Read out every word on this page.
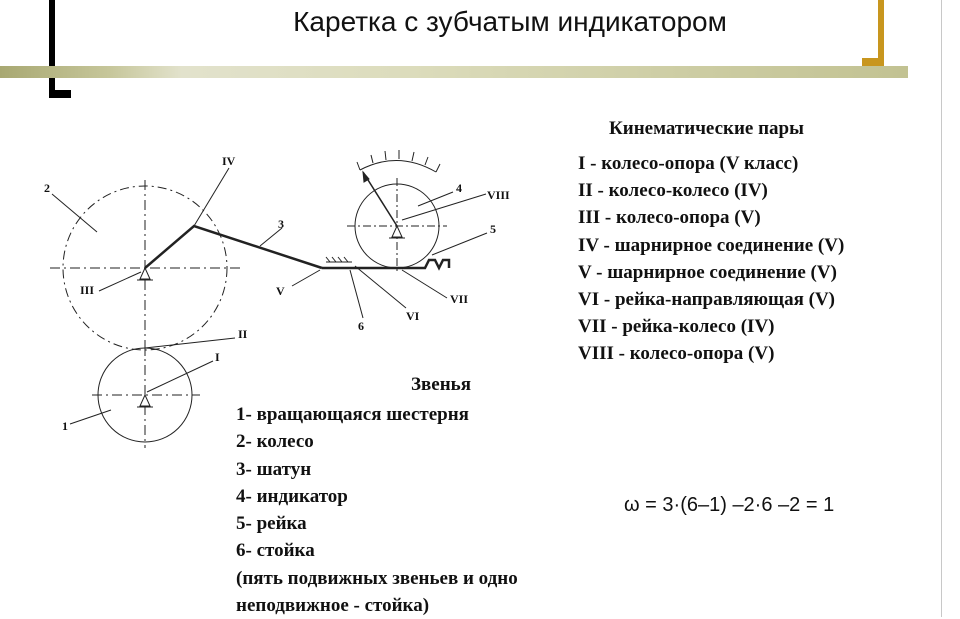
Каретка с зубчатым индикатором
2
IV
3
III	V
6
VI
VII
VIII
4
5
II
I
1
Кинематические пары
I - колесо-опора (V класс)
II - колесо-колесо (IV)
III - колесо-опора (V)
IV - шарнирное соединение (V)
V - шарнирное соединение (V)
VI - рейка-направляющая (V)
VII - рейка-колесо (IV)
VIII - колесо-опора (V)
Звенья
1- вращающаяся шестерня
2- колесо
3- шатун
4- индикатор
5- рейка
6- стойка
(пять подвижных звеньев и одно
неподвижное - стойка)
ω = 3·(6–1) –2·6 –2 = 1
